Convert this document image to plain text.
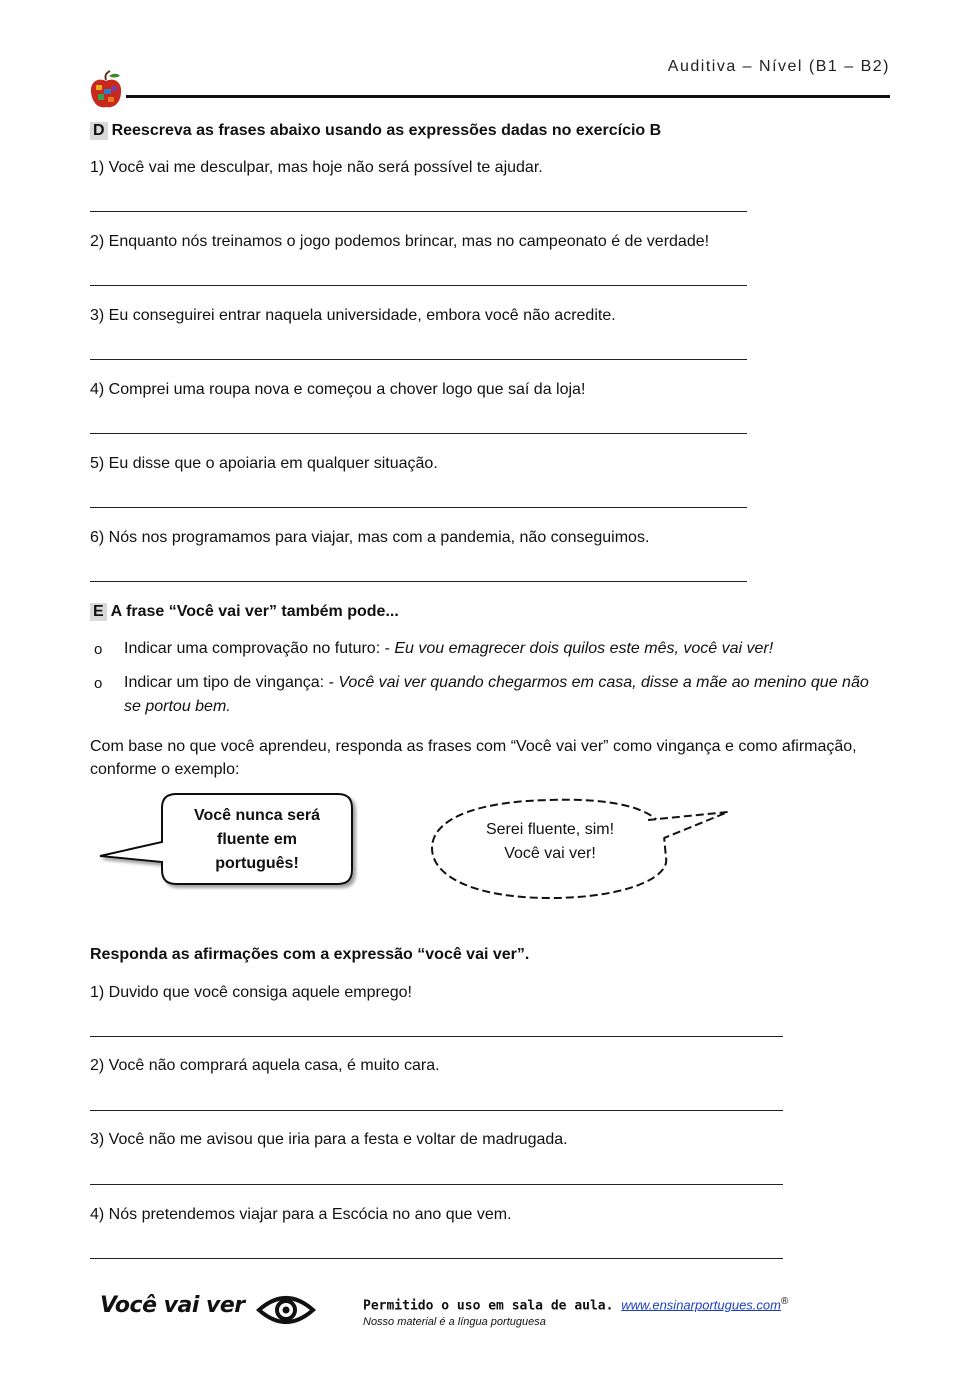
Auditiva – Nível (B1 – B2)
D Reescreva as frases abaixo usando as expressões dadas no exercício B
1) Você vai me desculpar, mas hoje não será possível te ajudar.
2) Enquanto nós treinamos o jogo podemos brincar, mas no campeonato é de verdade!
3) Eu conseguirei entrar naquela universidade, embora você não acredite.
4) Comprei uma roupa nova e começou a chover logo que saí da loja!
5) Eu disse que o apoiaria em qualquer situação.
6) Nós nos programamos para viajar, mas com a pandemia, não conseguimos.
E A frase “Você vai ver” também pode...
o Indicar uma comprovação no futuro: - Eu vou emagrecer dois quilos este mês, você vai ver!
o Indicar um tipo de vingança: - Você vai ver quando chegarmos em casa, disse a mãe ao menino que não
se portou bem.
Com base no que você aprendeu, responda as frases com “Você vai ver” como vingança e como afirmação,
conforme o exemplo:
Você nunca será
fluente em
português!
Serei fluente, sim!
Você vai ver!
Responda as afirmações com a expressão “você vai ver”.
1) Duvido que você consiga aquele emprego!
2) Você não comprará aquela casa, é muito cara.
3) Você não me avisou que iria para a festa e voltar de madrugada.
4) Nós pretendemos viajar para a Escócia no ano que vem.
Você vai ver	Permitido o uso em sala de aula. www.ensinarportugues.com®
Nosso material é a língua portuguesa
